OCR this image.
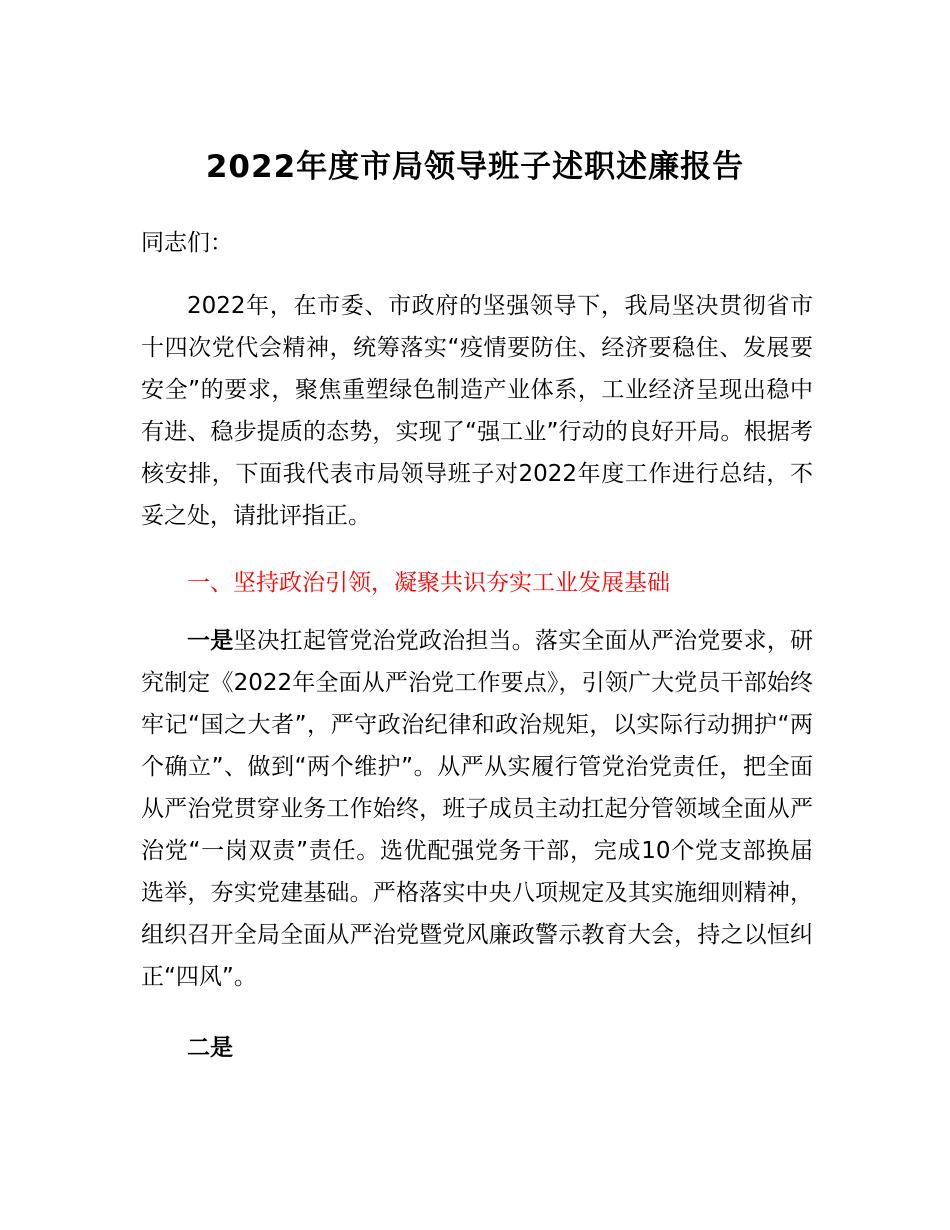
2022年度市局领导班子述职述廉报告
同志们：
2022年，在市委、市政府的坚强领导下，我局坚决贯彻省市十四次党代会精神，统筹落实“疫情要防住、经济要稳住、发展要安全”的要求，聚焦重塑绿色制造产业体系，工业经济呈现出稳中有进、稳步提质的态势，实现了“强工业”行动的良好开局。根据考核安排，下面我代表市局领导班子对2022年度工作进行总结，不妥之处，请批评指正。
一、坚持政治引领，凝聚共识夯实工业发展基础
一是坚决扛起管党治党政治担当。落实全面从严治党要求，研究制定《2022年全面从严治党工作要点》，引领广大党员干部始终牢记“国之大者”，严守政治纪律和政治规矩，以实际行动拥护“两个确立”、做到“两个维护”。从严从实履行管党治党责任，把全面从严治党贯穿业务工作始终，班子成员主动扛起分管领域全面从严治党“一岗双责”责任。选优配强党务干部，完成10个党支部换届选举，夯实党建基础。严格落实中央八项规定及其实施细则精神，组织召开全局全面从严治党暨党风廉政警示教育大会，持之以恒纠正“四风”。
二是
